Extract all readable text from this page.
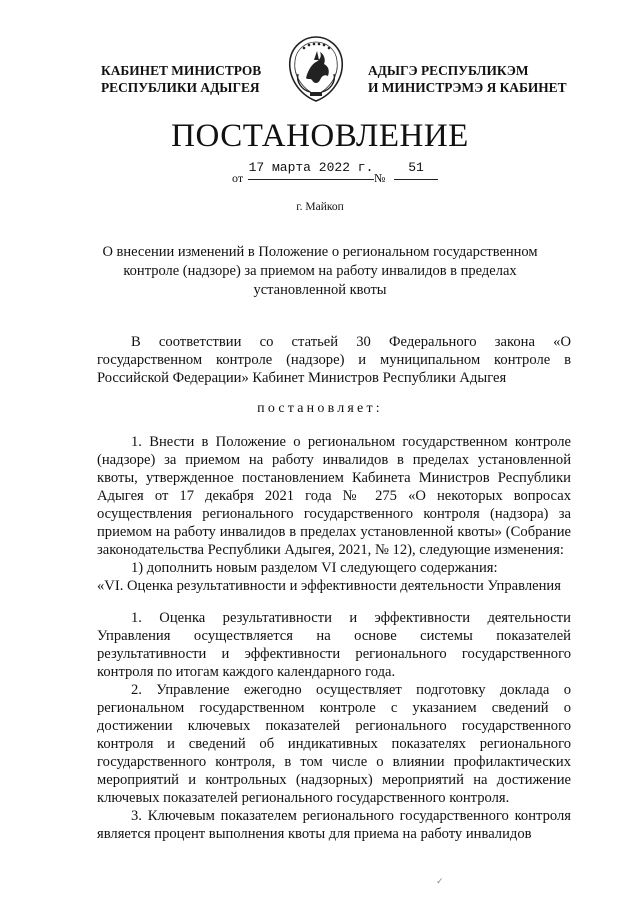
КАБИНЕТ МИНИСТРОВ
РЕСПУБЛИКИ АДЫГЕЯ
АДЫГЭ РЕСПУБЛИКЭМ
И МИНИСТРЭМЭ Я КАБИНЕТ
ПОСТАНОВЛЕНИЕ
от
17 марта 2022 г.
№
51
г. Майкоп
О внесении изменений в Положение о региональном государственном контроле (надзоре) за приемом на работу инвалидов в пределах установленной квоты

В соответствии со статьей 30 Федерального закона «О государственном контроле (надзоре) и муниципальном контроле в Российской Федерации» Кабинет Министров Республики Адыгея

постановляет:

1. Внести в Положение о региональном государственном контроле (надзоре) за приемом на работу инвалидов в пределах установленной квоты, утвержденное постановлением Кабинета Министров Республики Адыгея от 17 декабря 2021 года № 275 «О некоторых вопросах осуществления регионального государственного контроля (надзора) за приемом на работу инвалидов в пределах установленной квоты» (Собрание законодательства Республики Адыгея, 2021, № 12), следующие изменения:

1) дополнить новым разделом VI следующего содержания:

«VI. Оценка результативности и эффективности деятельности Управления

1. Оценка результативности и эффективности деятельности Управления осуществляется на основе системы показателей результативности и эффективности регионального государственного контроля по итогам каждого календарного года.

2. Управление ежегодно осуществляет подготовку доклада о региональном государственном контроле с указанием сведений о достижении ключевых показателей регионального государственного контроля и сведений об индикативных показателях регионального государственного контроля, в том числе о влиянии профилактических мероприятий и контрольных (надзорных) мероприятий на достижение ключевых показателей регионального государственного контроля.

3. Ключевым показателем регионального государственного контроля является процент выполнения квоты для приема на работу инвалидов

✓
